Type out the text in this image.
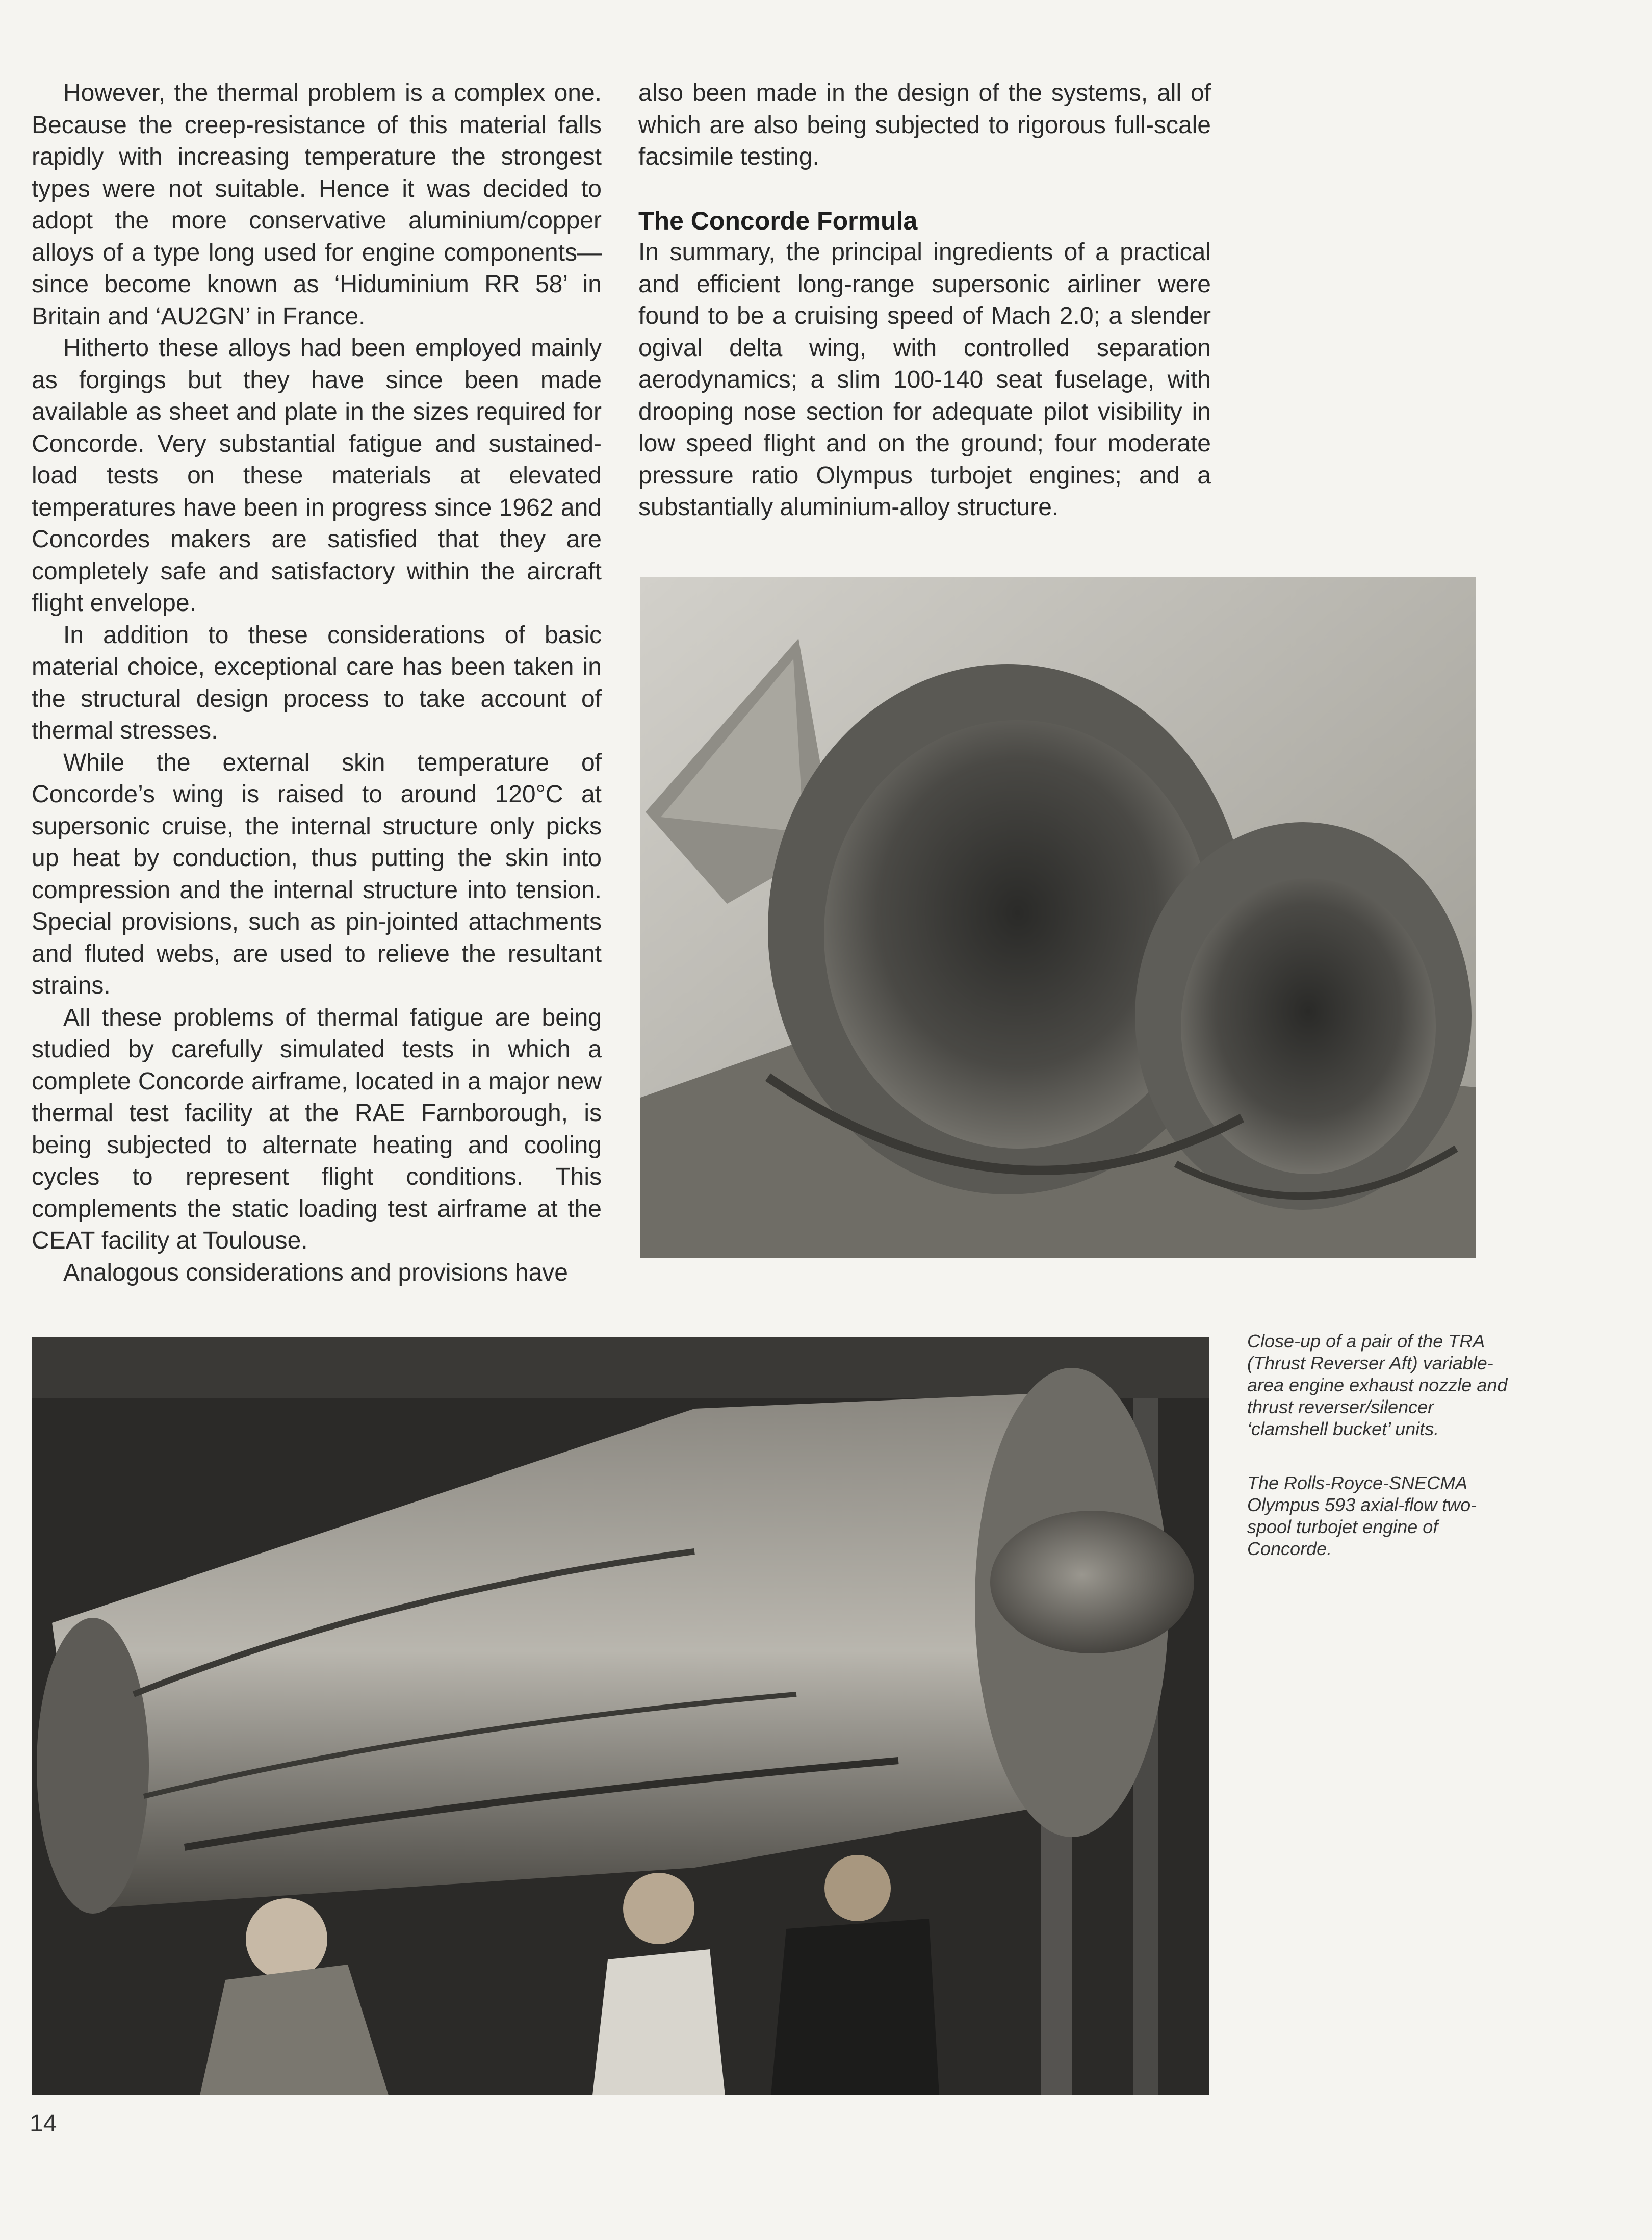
However, the thermal problem is a complex one. Because the creep-resistance of this material falls rapidly with increasing temperature the strongest types were not suitable. Hence it was decided to adopt the more conservative aluminium/copper alloys of a type long used for engine components—since become known as ‘Hiduminium RR 58’ in Britain and ‘AU2GN’ in France.

Hitherto these alloys had been employed mainly as forgings but they have since been made available as sheet and plate in the sizes required for Concorde. Very substantial fatigue and sustained-load tests on these materials at elevated temperatures have been in progress since 1962 and Concordes makers are satisfied that they are completely safe and satisfactory within the aircraft flight envelope.

In addition to these considerations of basic material choice, exceptional care has been taken in the structural design process to take account of thermal stresses.

While the external skin temperature of Concorde’s wing is raised to around 120°C at supersonic cruise, the internal structure only picks up heat by conduction, thus putting the skin into compression and the internal structure into tension. Special provisions, such as pin-jointed attachments and fluted webs, are used to relieve the resultant strains.

All these problems of thermal fatigue are being studied by carefully simulated tests in which a complete Concorde airframe, located in a major new thermal test facility at the RAE Farnborough, is being subjected to alternate heating and cooling cycles to represent flight conditions. This complements the static loading test airframe at the CEAT facility at Toulouse.

Analogous considerations and provisions have

also been made in the design of the systems, all of which are also being subjected to rigorous full-scale facsimile testing.

The Concorde Formula

In summary, the principal ingredients of a practical and efficient long-range supersonic airliner were found to be a cruising speed of Mach 2.0; a slender ogival delta wing, with controlled separation aerodynamics; a slim 100-140 seat fuselage, with drooping nose section for adequate pilot visibility in low speed flight and on the ground; four moderate pressure ratio Olympus turbojet engines; and a substantially aluminium-alloy structure.

Close-up of a pair of the TRA (Thrust Reverser Aft) variable-area engine exhaust nozzle and thrust reverser/silencer ‘clamshell bucket’ units.
The Rolls-Royce-SNECMA Olympus 593 axial-flow two-spool turbojet engine of Concorde.
14
